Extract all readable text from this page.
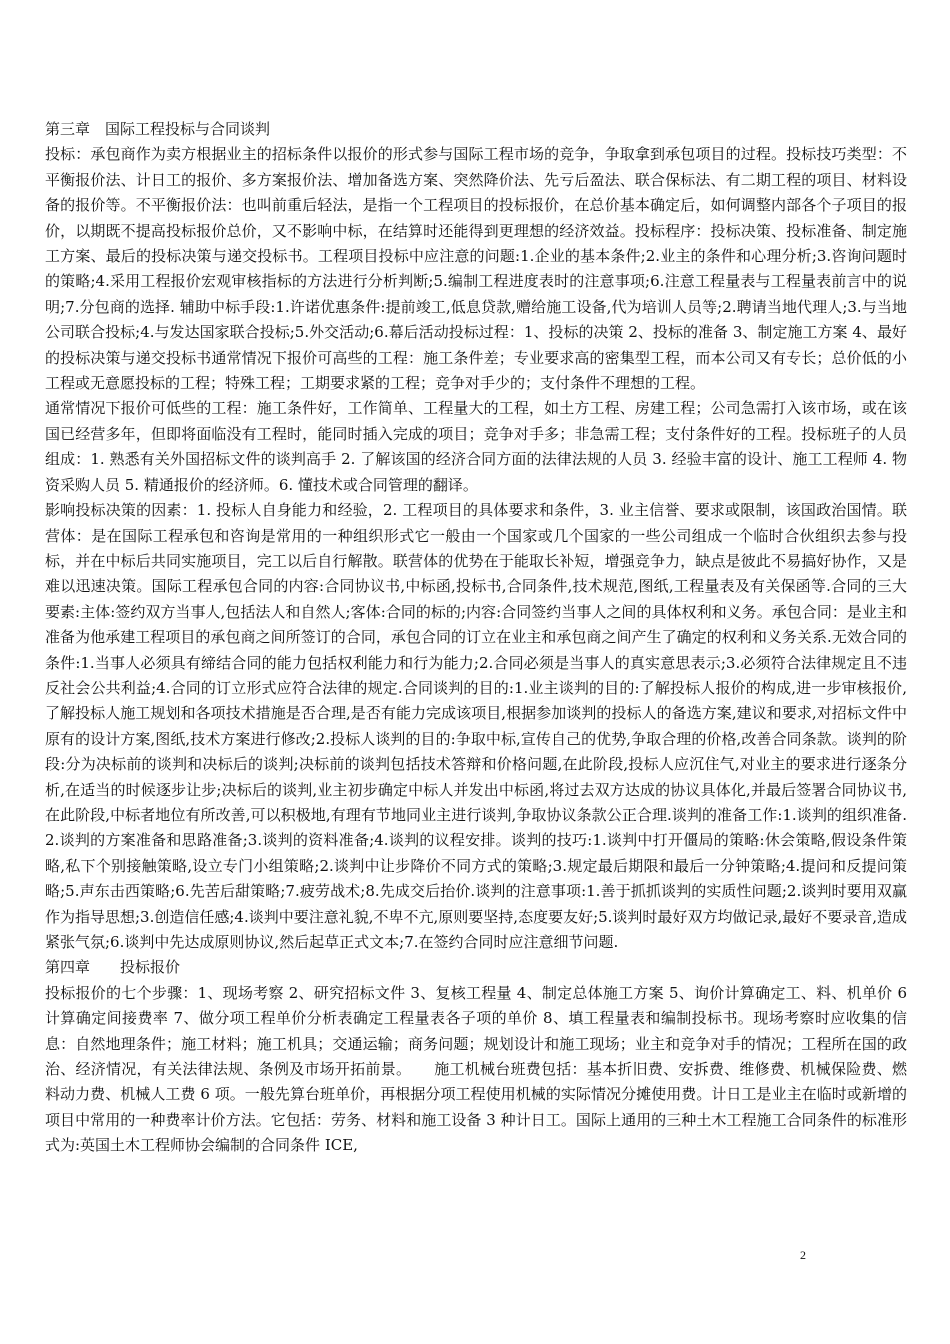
第三章　国际工程投标与合同谈判

投标：承包商作为卖方根据业主的招标条件以报价的形式参与国际工程市场的竞争，争取拿到承包项目的过程。投标技巧类型：不平衡报价法、计日工的报价、多方案报价法、增加备选方案、突然降价法、先亏后盈法、联合保标法、有二期工程的项目、材料设备的报价等。不平衡报价法：也叫前重后轻法，是指一个工程项目的投标报价，在总价基本确定后，如何调整内部各个子项目的报价，以期既不提高投标报价总价，又不影响中标，在结算时还能得到更理想的经济效益。投标程序：投标决策、投标准备、制定施工方案、最后的投标决策与递交投标书。工程项目投标中应注意的问题:1.企业的基本条件;2.业主的条件和心理分析;3.咨询问题时的策略;4.采用工程报价宏观审核指标的方法进行分析判断;5.编制工程进度表时的注意事项;6.注意工程量表与工程量表前言中的说明;7.分包商的选择. 辅助中标手段:1.许诺优惠条件:提前竣工,低息贷款,赠给施工设备,代为培训人员等;2.聘请当地代理人;3.与当地公司联合投标;4.与发达国家联合投标;5.外交活动;6.幕后活动投标过程：1、投标的决策 2、投标的准备 3、制定施工方案 4、最好的投标决策与递交投标书通常情况下报价可高些的工程：施工条件差；专业要求高的密集型工程，而本公司又有专长；总价低的小工程或无意愿投标的工程；特殊工程；工期要求紧的工程；竞争对手少的；支付条件不理想的工程。

通常情况下报价可低些的工程：施工条件好，工作简单、工程量大的工程，如土方工程、房建工程；公司急需打入该市场，或在该国已经营多年，但即将面临没有工程时，能同时插入完成的项目；竞争对手多；非急需工程；支付条件好的工程。投标班子的人员组成：1. 熟悉有关外国招标文件的谈判高手 2. 了解该国的经济合同方面的法律法规的人员 3. 经验丰富的设计、施工工程师 4. 物资采购人员 5. 精通报价的经济师。6. 懂技术或合同管理的翻译。

影响投标决策的因素：1. 投标人自身能力和经验，2. 工程项目的具体要求和条件，3. 业主信誉、要求或限制，该国政治国情。联营体：是在国际工程承包和咨询是常用的一种组织形式它一般由一个国家或几个国家的一些公司组成一个临时合伙组织去参与投标，并在中标后共同实施项目，完工以后自行解散。联营体的优势在于能取长补短，增强竞争力，缺点是彼此不易搞好协作，又是难以迅速决策。国际工程承包合同的内容:合同协议书,中标函,投标书,合同条件,技术规范,图纸,工程量表及有关保函等.合同的三大要素:主体:签约双方当事人,包括法人和自然人;客体:合同的标的;内容:合同签约当事人之间的具体权利和义务。承包合同：是业主和准备为他承建工程项目的承包商之间所签订的合同，承包合同的订立在业主和承包商之间产生了确定的权利和义务关系.无效合同的条件:1.当事人必须具有缔结合同的能力包括权利能力和行为能力;2.合同必须是当事人的真实意思表示;3.必须符合法律规定且不违反社会公共利益;4.合同的订立形式应符合法律的规定.合同谈判的目的:1.业主谈判的目的:了解投标人报价的构成,进一步审核报价,了解投标人施工规划和各项技术措施是否合理,是否有能力完成该项目,根据参加谈判的投标人的备选方案,建议和要求,对招标文件中原有的设计方案,图纸,技术方案进行修改;2.投标人谈判的目的:争取中标,宣传自己的优势,争取合理的价格,改善合同条款。谈判的阶段:分为决标前的谈判和决标后的谈判;决标前的谈判包括技术答辩和价格问题,在此阶段,投标人应沉住气,对业主的要求进行逐条分析,在适当的时候逐步让步;决标后的谈判,业主初步确定中标人并发出中标函,将过去双方达成的协议具体化,并最后签署合同协议书,在此阶段,中标者地位有所改善,可以积极地,有理有节地同业主进行谈判,争取协议条款公正合理.谈判的准备工作:1.谈判的组织准备.2.谈判的方案准备和思路准备;3.谈判的资料准备;4.谈判的议程安排。谈判的技巧:1.谈判中打开僵局的策略:休会策略,假设条件策略,私下个别接触策略,设立专门小组策略;2.谈判中让步降价不同方式的策略;3.规定最后期限和最后一分钟策略;4.提问和反提问策略;5.声东击西策略;6.先苦后甜策略;7.疲劳战术;8.先成交后抬价.谈判的注意事项:1.善于抓抓谈判的实质性问题;2.谈判时要用双赢作为指导思想;3.创造信任感;4.谈判中要注意礼貌,不卑不亢,原则要坚持,态度要友好;5.谈判时最好双方均做记录,最好不要录音,造成紧张气氛;6.谈判中先达成原则协议,然后起草正式文本;7.在签约合同时应注意细节问题.

第四章　　投标报价

投标报价的七个步骤：1、现场考察 2、研究招标文件 3、复核工程量 4、制定总体施工方案 5、询价计算确定工、料、机单价 6 计算确定间接费率 7、做分项工程单价分析表确定工程量表各子项的单价 8、填工程量表和编制投标书。现场考察时应收集的信息：自然地理条件；施工材料；施工机具；交通运输；商务问题；规划设计和施工现场；业主和竞争对手的情况；工程所在国的政治、经济情况，有关法律法规、条例及市场开拓前景。　　施工机械台班费包括：基本折旧费、安拆费、维修费、机械保险费、燃料动力费、机械人工费 6 项。一般先算台班单价，再根据分项工程使用机械的实际情况分摊使用费。计日工是业主在临时或新增的项目中常用的一种费率计价方法。它包括：劳务、材料和施工设备 3 种计日工。国际上通用的三种土木工程施工合同条件的标准形式为:英国土木工程师协会编制的合同条件 ICE,

2
